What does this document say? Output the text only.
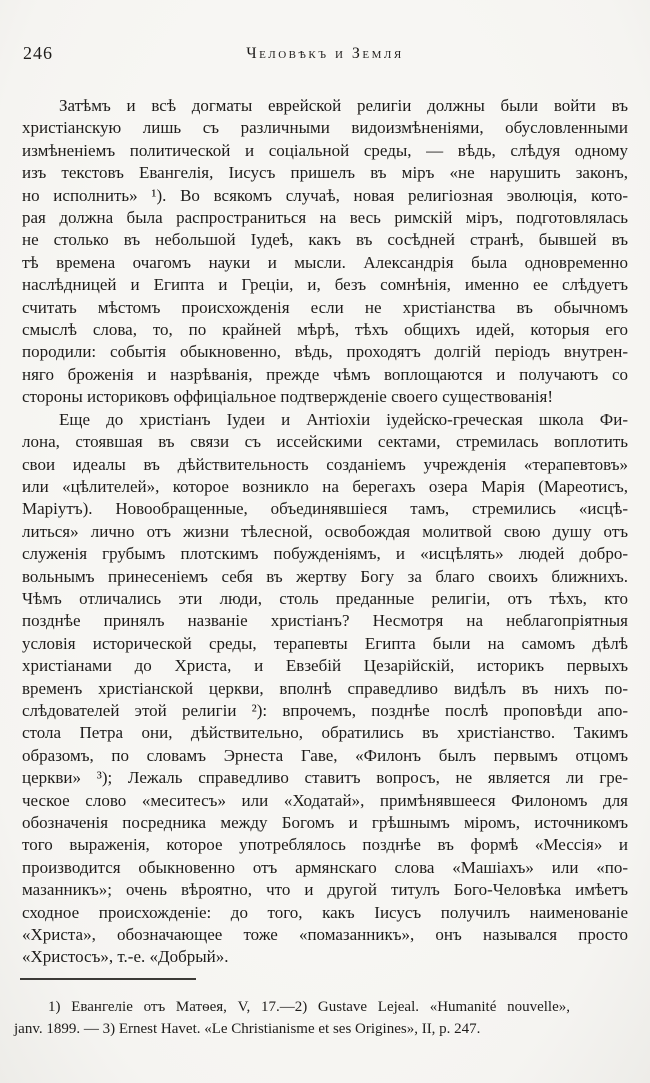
246	Человѣкъ и Земля
Затѣмъ и всѣ догматы еврейской религіи должны были войти въ
христіанскую лишь съ различными видоизмѣненіями, обусловленными
измѣненіемъ политической и соціальной среды, — вѣдь, слѣдуя одному
изъ текстовъ Евангелія, Іисусъ пришелъ въ міръ «не нарушить законъ,
но исполнить» ¹). Во всякомъ случаѣ, новая религіозная эволюція, кото-
рая должна была распространиться на весь римскій міръ, подготовлялась
не столько въ небольшой Іудеѣ, какъ въ сосѣдней странѣ, бывшей въ
тѣ времена очагомъ науки и мысли. Александрія была одновременно
наслѣдницей и Египта и Греціи, и, безъ сомнѣнія, именно ее слѣдуетъ
считать мѣстомъ происхожденія если не христіанства въ обычномъ
смыслѣ слова, то, по крайней мѣрѣ, тѣхъ общихъ идей, которыя его
породили: событія обыкновенно, вѣдь, проходятъ долгій періодъ внутрен-
няго броженія и назрѣванія, прежде чѣмъ воплощаются и получаютъ со
стороны историковъ оффиціальное подтвержденіе своего существованія!
Еще до христіанъ Іудеи и Антіохіи іудейско-греческая школа Фи-
лона, стоявшая въ связи съ иссейскими сектами, стремилась воплотить
свои идеалы въ дѣйствительность созданіемъ учрежденія «терапевтовъ»
или «цѣлителей», которое возникло на берегахъ озера Марія (Мареотисъ,
Маріутъ). Новообращенные, объединявшіеся тамъ, стремились «исцѣ-
литься» лично отъ жизни тѣлесной, освобождая молитвой свою душу отъ
служенія грубымъ плотскимъ побужденіямъ, и «исцѣлять» людей добро-
вольнымъ принесеніемъ себя въ жертву Богу за благо своихъ ближнихъ.
Чѣмъ отличались эти люди, столь преданные религіи, отъ тѣхъ, кто
позднѣе принялъ названіе христіанъ? Несмотря на неблагопріятныя
условія исторической среды, терапевты Египта были на самомъ дѣлѣ
христіанами до Христа, и Евзебій Цезарійскій, историкъ первыхъ
временъ христіанской церкви, вполнѣ справедливо видѣлъ въ нихъ по-
слѣдователей этой религіи ²): впрочемъ, позднѣе послѣ проповѣди апо-
стола Петра они, дѣйствительно, обратились въ христіанство. Такимъ
образомъ, по словамъ Эрнеста Гаве, «Филонъ былъ первымъ отцомъ
церкви» ³); Лежаль справедливо ставитъ вопросъ, не является ли гре-
ческое слово «меситесъ» или «Ходатай», примѣнявшееся Филономъ для
обозначенія посредника между Богомъ и грѣшнымъ міромъ, источникомъ
того выраженія, которое употреблялось позднѣе въ формѣ «Мессія» и
производится обыкновенно отъ армянскаго слова «Машіахъ» или «по-
мазанникъ»; очень вѣроятно, что и другой титулъ Бого-Человѣка имѣетъ
сходное происхожденіе: до того, какъ Іисусъ получилъ наименованіе
«Христа», обозначающее тоже «помазанникъ», онъ назывался просто
«Христосъ», т.-е. «Добрый».
1) Евангеліе отъ Матѳея, V, 17.—2) Gustave Lejeal. «Humanité nouvelle»,
janv. 1899. — 3) Ernest Havet. «Le Christianisme et ses Origines», II, p. 247.
